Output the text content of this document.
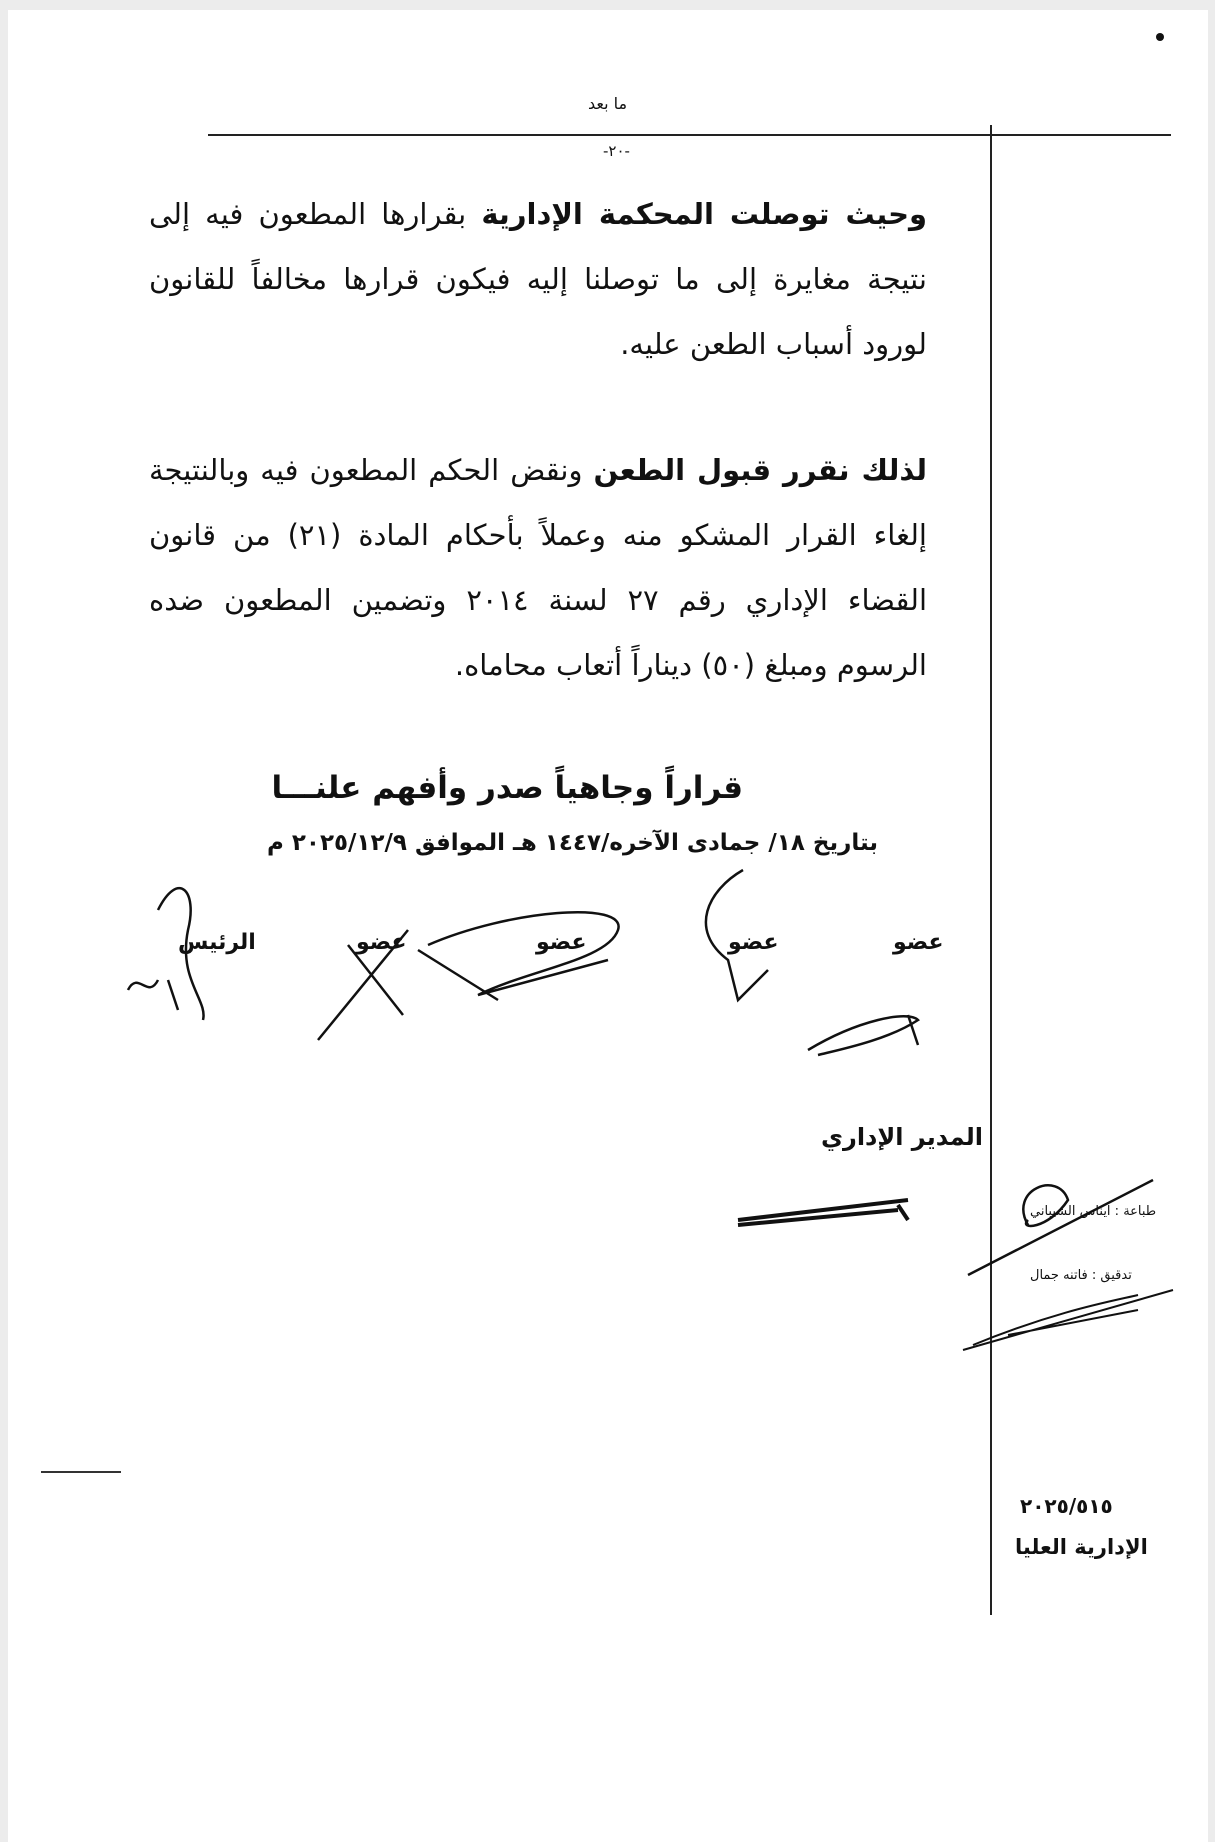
ما بعد
-٢٠-
وحيث توصلت المحكمة الإدارية بقرارها المطعون فيه إلى نتيجة مغايرة إلى ما توصلنا إليه فيكون قرارها مخالفاً للقانون لورود أسباب الطعن عليه.
لذلك نقرر قبول الطعن ونقض الحكم المطعون فيه وبالنتيجة إلغاء القرار المشكو منه وعملاً بأحكام المادة (٢١) من قانون القضاء الإداري رقم ٢٧ لسنة ٢٠١٤ وتضمين المطعون ضده الرسوم ومبلغ (٥٠) ديناراً أتعاب محاماه.
قراراً وجاهياً صدر وأفهم علنـــا
بتاريخ ١٨/ جمادى الآخره/١٤٤٧ هـ الموافق ٢٠٢٥/١٢/٩ م
عضو
عضو
عضو
عضو
الرئيس
المدير الإداري
طباعة : ايناس الشيباني
تدقيق : فاتنه جمال
٢٠٢٥/٥١٥
الإدارية العليا
